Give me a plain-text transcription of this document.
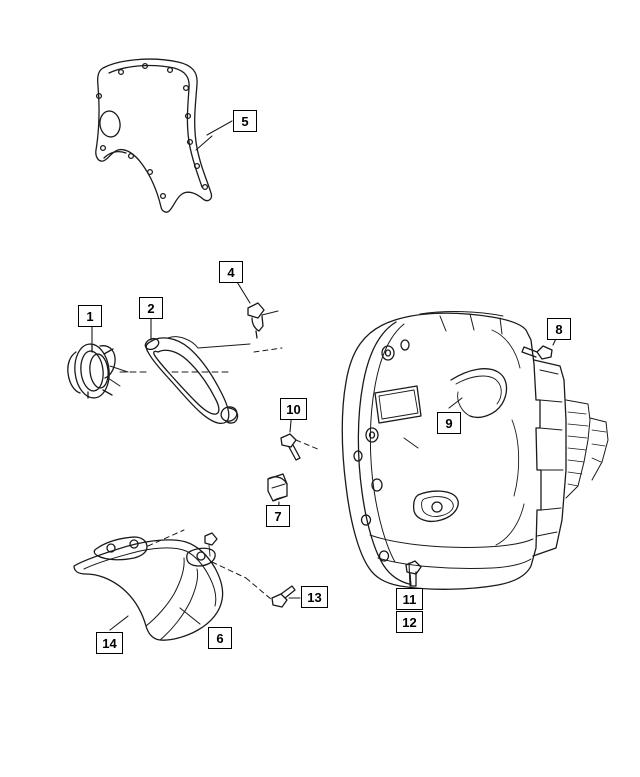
1
2
4
5
8
9
10
7
11
12
13
14	6
